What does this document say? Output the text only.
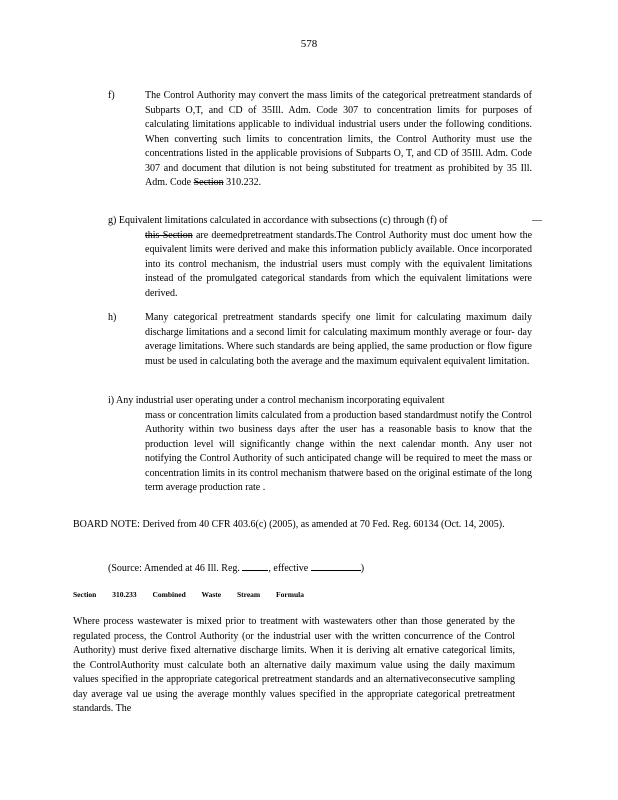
578
f)	The Control Authority may convert the mass limits of the categorical pretreatment standards of Subparts O,T, and CD of 35Ill. Adm. Code 307 to concentration limits for purposes of calculating limitations applicable to individual industrial users under the following conditions. When converting such limits to concentration limits, the Control Authority must use the concentrations listed in the applicable provisions of Subparts O, T, and CD of 35Ill. Adm. Code 307 and document that dilution is not being substituted for treatment as prohibited by 35 Ill. Adm. Code Section 310.232.
g) Equivalent limitations calculated in accordance with subsections (c) through (f) of	—
this Section are deemedpretreatment standards.The Control Authority must doc ument how the equivalent limits were derived and make this information publicly available. Once incorporated into its control mechanism, the industrial users must comply with the equivalent limitations instead of the promulgated categorical standards from which the equivalent limitations were derived.
h)	Many categorical pretreatment standards specify one limit for calculating maximum daily discharge limitations and a second limit for calculating maximum monthly average or four- day average limitations. Where such standards are being applied, the same production or flow figure must be used in calculating both the average and the maximum equivalent equivalent limitation.
i) Any industrial user operating under a control mechanism incorporating equivalent
mass or concentration limits calculated from a production based standardmust notify the Control Authority within two business days after the user has a reasonable basis to know that the production level will significantly change within the next calendar month. Any user not notifying the Control Authority of such anticipated change will be required to meet the mass or concentration limits in its control mechanism thatwere based on the original estimate of the long term average production rate .
BOARD NOTE: Derived from 40 CFR 403.6(c) (2005), as amended at 70 Fed. Reg. 60134 (Oct. 14, 2005).
(Source: Amended at 46 Ill. Reg.	, effective	)
Section 310.233 Combined Waste Stream Formula
Where process wastewater is mixed prior to treatment with wastewaters other than those generated by the regulated process, the Control Authority (or the industrial user with the written concurrence of the Control Authority) must derive fixed alternative discharge limits. When it is deriving alt ernative categorical limits, the ControlAuthority must calculate both an alternative daily maximum value using the daily maximum values specified in the appropriate categorical pretreatment standards and an alternativeconsecutive sampling day average val ue using the average monthly values specified in the appropriate categorical pretreatment standards. The
